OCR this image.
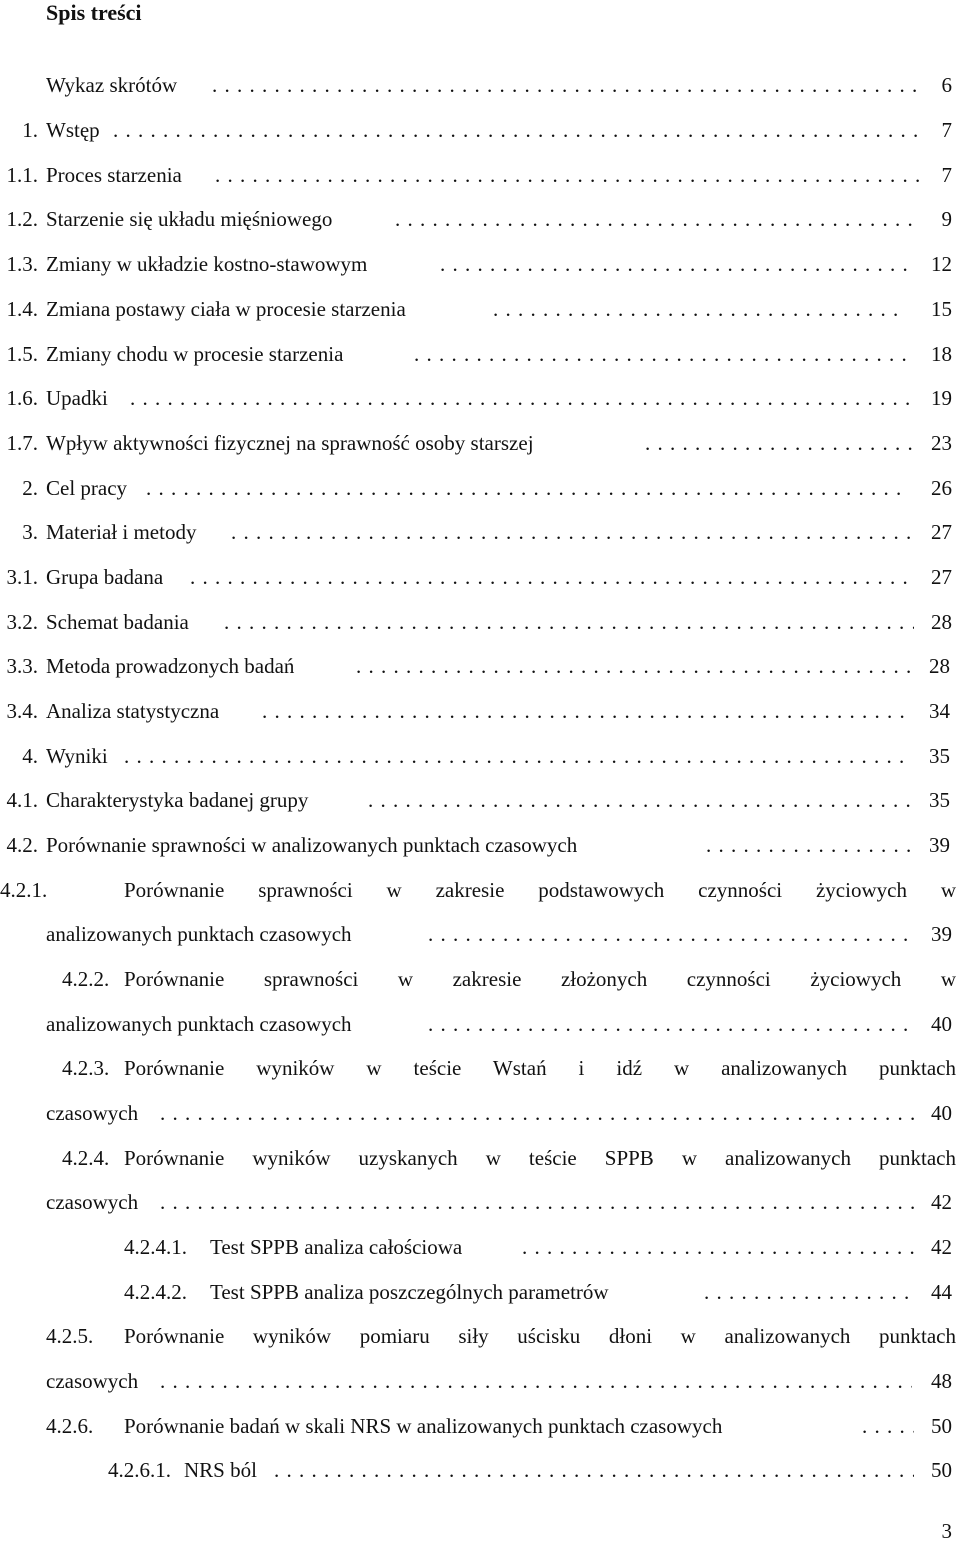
Spis treści
Wykaz skrótów . . .	6
1. Wstęp . . .	7
1.1. Proces starzenia . . .	7
1.2. Starzenie się układu mięśniowego . . .	9
1.3. Zmiany w układzie kostno-stawowym . . .	12
1.4. Zmiana postawy ciała w procesie starzenia . . .	15
1.5. Zmiany chodu w procesie starzenia . . .	18
1.6. Upadki . . .	19
1.7. Wpływ aktywności fizycznej na sprawność osoby starszej . . .	23
2. Cel pracy . . .	26
3. Materiał i metody . . .	27
3.1. Grupa badana . . .	27
3.2. Schemat badania . . .	28
3.3. Metoda prowadzonych badań . . .	28
3.4. Analiza statystyczna . . .	34
4. Wyniki . . .	35
4.1. Charakterystyka badanej grupy . . .	35
4.2. Porównanie sprawności w analizowanych punktach czasowych . . .	39
4.2.1.	Porównanie sprawności w zakresie podstawowych czynności życiowych w
analizowanych punktach czasowych . . .	39
4.2.2. Porównanie sprawności w zakresie złożonych czynności życiowych w
analizowanych punktach czasowych . . .	40
4.2.3. Porównanie wyników w teście Wstań i idź w analizowanych punktach
czasowych . . .	40
4.2.4. Porównanie wyników uzyskanych w teście SPPB w analizowanych punktach
czasowych . . .	42
4.2.4.1. Test SPPB analiza całościowa . . .	42
4.2.4.2. Test SPPB analiza poszczególnych parametrów . . .	44
4.2.5. Porównanie wyników pomiaru siły uścisku dłoni w analizowanych punktach
czasowych . . .	48
4.2.6. Porównanie badań w skali NRS w analizowanych punktach czasowych . . .	50
4.2.6.1. NRS ból . . .	50
3
